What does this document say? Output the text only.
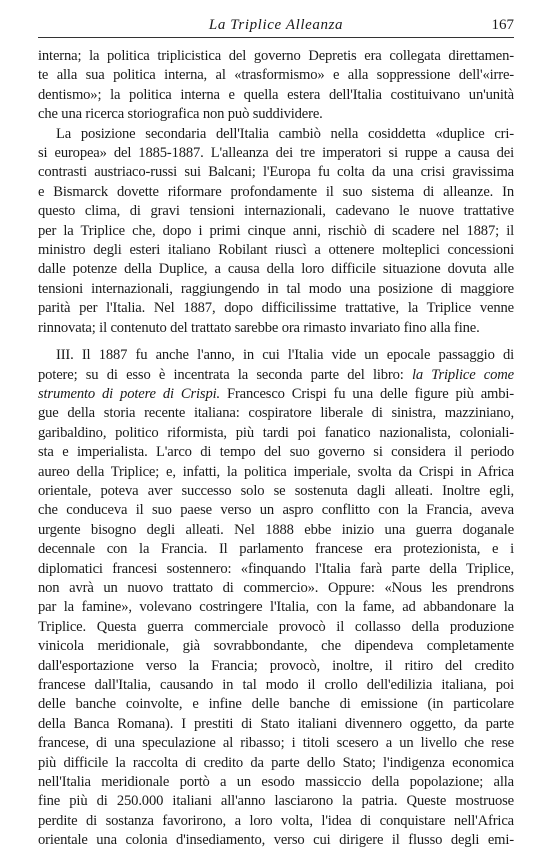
La Triplice Alleanza	167
interna; la politica triplicistica del governo Depretis era collegata direttamen-
te alla sua politica interna, al «trasformismo» e alla soppressione dell'«irre-
dentismo»; la politica interna e quella estera dell'Italia costituivano un'unità
che una ricerca storiografica non può suddividere.
La posizione secondaria dell'Italia cambiò nella cosiddetta «duplice cri-
si europea» del 1885-1887. L'alleanza dei tre imperatori si ruppe a causa dei
contrasti austriaco-russi sui Balcani; l'Europa fu colta da una crisi gravissima
e Bismarck dovette riformare profondamente il suo sistema di alleanze. In
questo clima, di gravi tensioni internazionali, cadevano le nuove trattative
per la Triplice che, dopo i primi cinque anni, rischiò di scadere nel 1887; il
ministro degli esteri italiano Robilant riuscì a ottenere molteplici concessioni
dalle potenze della Duplice, a causa della loro difficile situazione dovuta alle
tensioni internazionali, raggiungendo in tal modo una posizione di maggiore
parità per l'Italia. Nel 1887, dopo difficilissime trattative, la Triplice venne
rinnovata; il contenuto del trattato sarebbe ora rimasto invariato fino alla fine.
III. Il 1887 fu anche l'anno, in cui l'Italia vide un epocale passaggio di
potere; su di esso è incentrata la seconda parte del libro: la Triplice come
strumento di potere di Crispi. Francesco Crispi fu una delle figure più ambi-
gue della storia recente italiana: cospiratore liberale di sinistra, mazziniano,
garibaldino, politico riformista, più tardi poi fanatico nazionalista, coloniali-
sta e imperialista. L'arco di tempo del suo governo si considera il periodo
aureo della Triplice; e, infatti, la politica imperiale, svolta da Crispi in Africa
orientale, poteva aver successo solo se sostenuta dagli alleati. Inoltre egli,
che conduceva il suo paese verso un aspro conflitto con la Francia, aveva
urgente bisogno degli alleati. Nel 1888 ebbe inizio una guerra doganale
decennale con la Francia. Il parlamento francese era protezionista, e i
diplomatici francesi sostennero: «finquando l'Italia farà parte della Triplice,
non avrà un nuovo trattato di commercio». Oppure: «Nous les prendrons
par la famine», volevano costringere l'Italia, con la fame, ad abbandonare la
Triplice. Questa guerra commerciale provocò il collasso della produzione
vinicola meridionale, già sovrabbondante, che dipendeva completamente
dall'esportazione verso la Francia; provocò, inoltre, il ritiro del credito
francese dall'Italia, causando in tal modo il crollo dell'edilizia italiana, poi
delle banche coinvolte, e infine delle banche di emissione (in particolare
della Banca Romana). I prestiti di Stato italiani divennero oggetto, da parte
francese, di una speculazione al ribasso; i titoli scesero a un livello che rese
più difficile la raccolta di credito da parte dello Stato; l'indigenza economica
nell'Italia meridionale portò a un esodo massiccio della popolazione; alla
fine più di 250.000 italiani all'anno lasciarono la patria. Queste mostruose
perdite di sostanza favorirono, a loro volta, l'idea di conquistare nell'Africa
orientale una colonia d'insediamento, verso cui dirigere il flusso degli emi-
